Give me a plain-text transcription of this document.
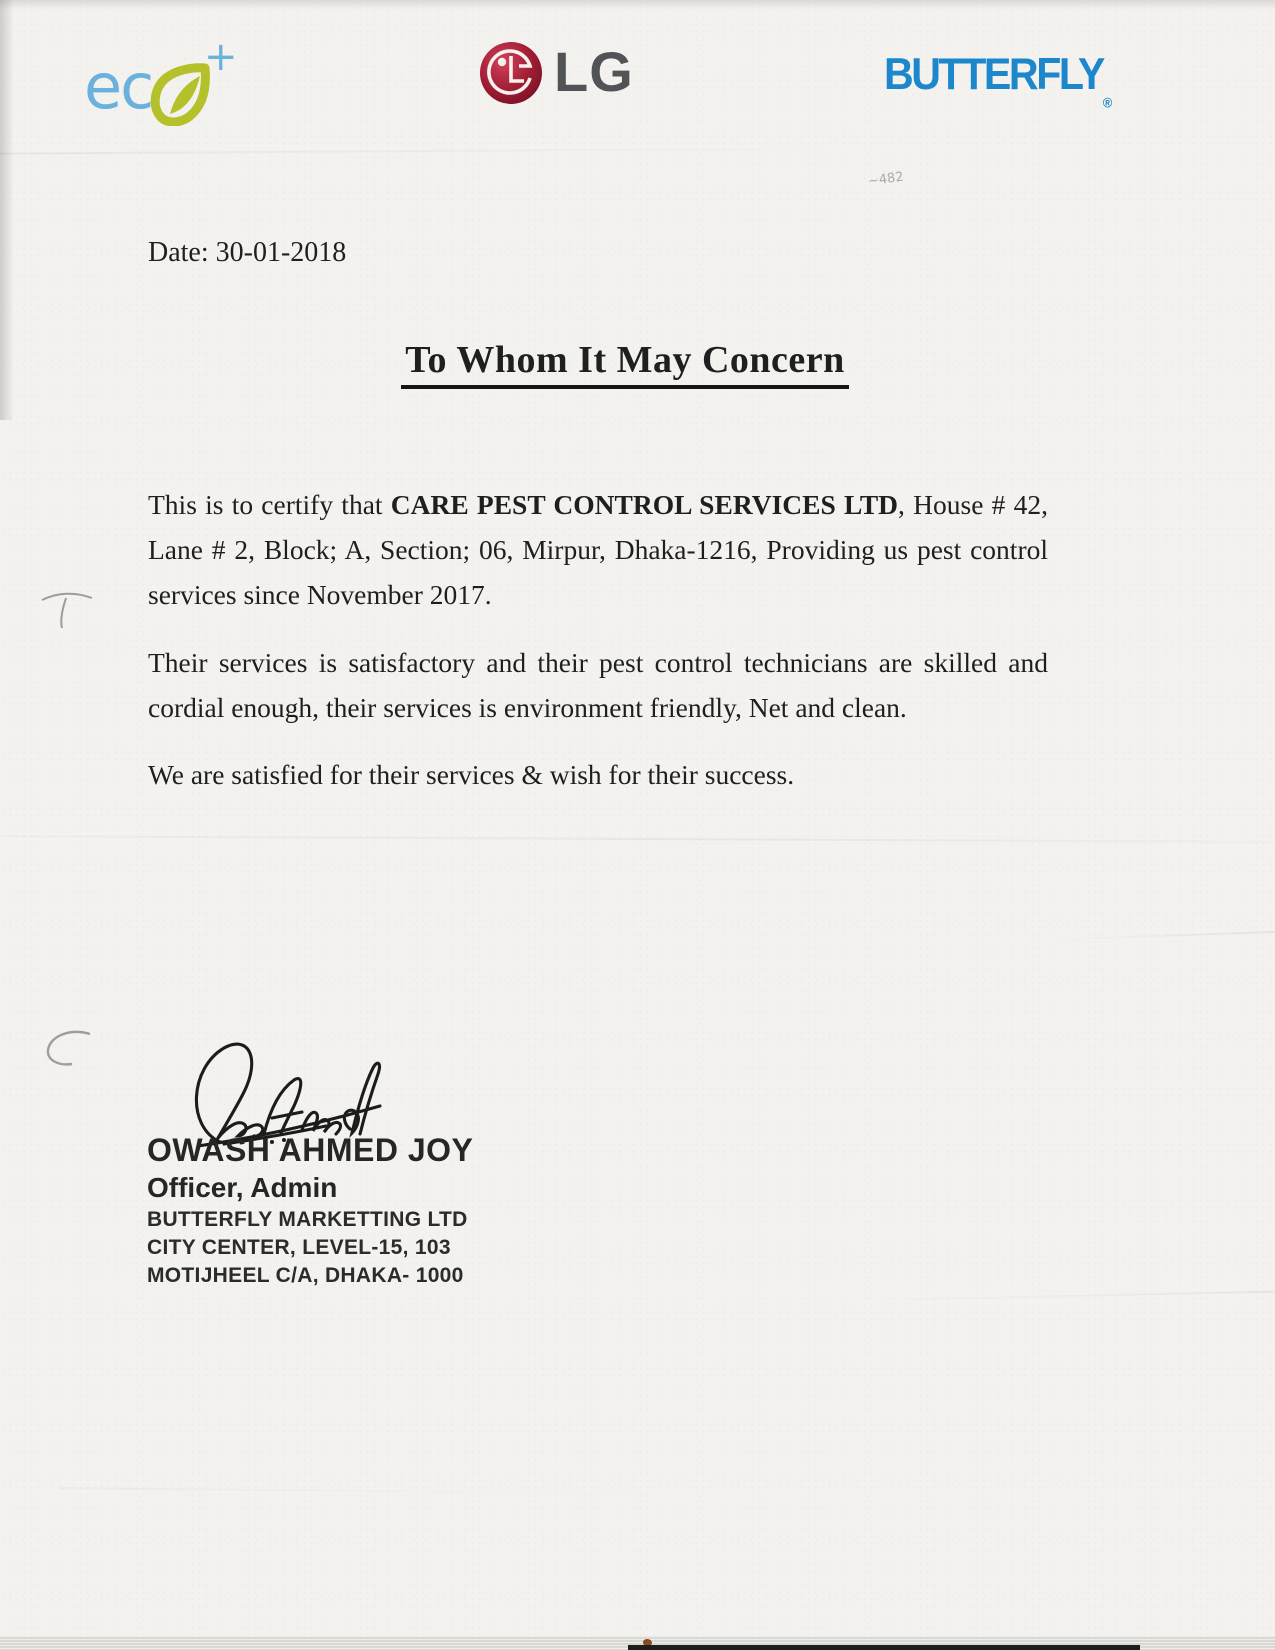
ec +	LG	$BUTTERFLY_®$
Date: 30-01-2018
To Whom It May Concern

This is to certify that CARE PEST CONTROL SERVICES LTD, House # 42, Lane # 2, Block; A, Section; 06, Mirpur, Dhaka-1216, Providing us pest control services since November 2017.

Their services is satisfactory and their pest control technicians are skilled and cordial enough, their services is environment friendly, Net and clean.

We are satisfied for their services & wish for their success.

OWASH AHMED JOY
Officer, Admin
BUTTERFLY MARKETTING LTD
CITY CENTER, LEVEL-15, 103
MOTIJHEEL C/A, DHAKA- 1000
~482
